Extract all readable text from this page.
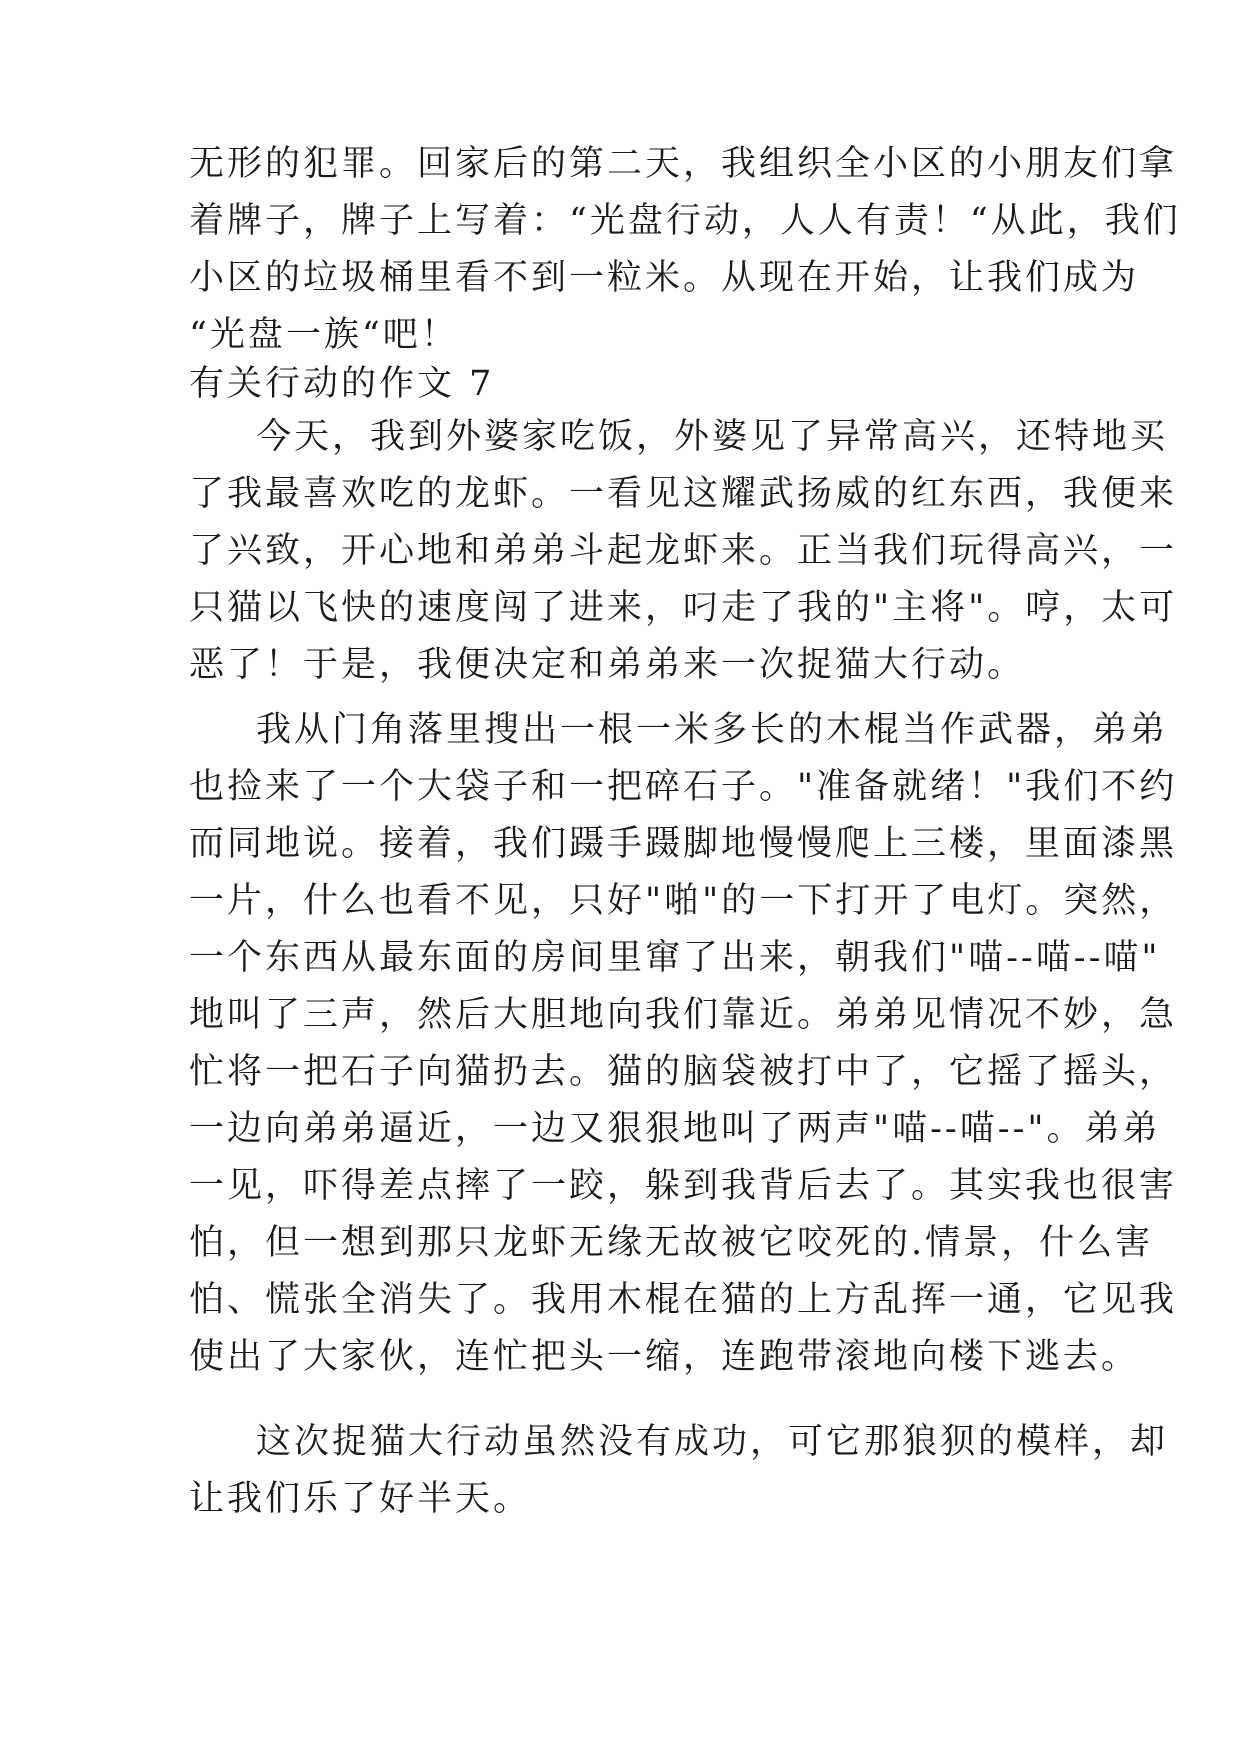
无形的犯罪。回家后的第二天，我组织全小区的小朋友们拿
着牌子，牌子上写着：“光盘行动，人人有责！“从此，我们
小区的垃圾桶里看不到一粒米。从现在开始，让我们成为
“光盘一族“吧！
有关行动的作文 7
今天，我到外婆家吃饭，外婆见了异常高兴，还特地买
了我最喜欢吃的龙虾。一看见这耀武扬威的红东西，我便来
了兴致，开心地和弟弟斗起龙虾来。正当我们玩得高兴，一
只猫以飞快的速度闯了进来，叼走了我的"主将"。哼，太可
恶了！于是，我便决定和弟弟来一次捉猫大行动。
我从门角落里搜出一根一米多长的木棍当作武器，弟弟
也捡来了一个大袋子和一把碎石子。"准备就绪！"我们不约
而同地说。接着，我们蹑手蹑脚地慢慢爬上三楼，里面漆黑
一片，什么也看不见，只好"啪"的一下打开了电灯。突然，
一个东西从最东面的房间里窜了出来，朝我们"喵--喵--喵"
地叫了三声，然后大胆地向我们靠近。弟弟见情况不妙，急
忙将一把石子向猫扔去。猫的脑袋被打中了，它摇了摇头，
一边向弟弟逼近，一边又狠狠地叫了两声"喵--喵--"。弟弟
一见，吓得差点摔了一跤，躲到我背后去了。其实我也很害
怕，但一想到那只龙虾无缘无故被它咬死的.情景，什么害
怕、慌张全消失了。我用木棍在猫的上方乱挥一通，它见我
使出了大家伙，连忙把头一缩，连跑带滚地向楼下逃去。
这次捉猫大行动虽然没有成功，可它那狼狈的模样，却
让我们乐了好半天。
